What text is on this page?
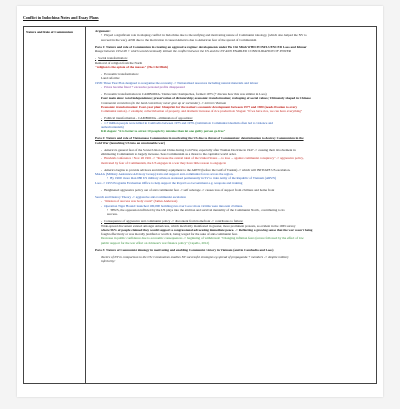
Conflict in Indochina Notes and Essay Plans
Nature and Role of Communism	Argument:
• Played a significant role in shaping conflict in Indochina due to the unifying and motivating nature of Communist ideology, (which also helped the NV to
succeed in the war), AND due to the motivation it caused America due to American fear of the spread of Communism
Para 1: Nature and role of Communism in creating an aggressive regime: developments under Ho Chi Minh WHICH INFLUENCED Laos and Khmer
Rouge between 1954-90 > which would eventually initiate the conflict between the US and the NV AND ENABLED CONSOLIDATION OF POWER
- Social transformation:
Removal of religion from the North
"religion is the opiate of the masses" (Ho Chi Minh)
- Economic transformation:
Land reforms:
1958: Three Year Plan designed to reorganise the economy -> Nationalised resources including natural materials and labour
- Prices became fixed + excessive personal profits disappeared
- Economic transformation in CAMBODIA / Democratic Kampuchea, formed 1975 (+ discuss how this was similar in Laos)
Four main aims: total independence; preservation of dictatorship; economic transformation; reshaping of social values; Ultimately shaped in Chinese
Communist conviction (in the hard conviction; never give up or surrender) -> mirrors Vietnam
Economic transformation: Four-year plan: blueprint for the nation's economic development between 1977 and 1980 (needs fixation to every
Communist nation) -> example; collectivisation of property, and dramatic increase of rice production: Slogan: "If we have rice, we can have everything"
- Political transformation - CAMBODIA - elimination of opposition:
- 1.7 million people were killed in Cambodia between 1975 and 1979. (Limitation: Communist idealism often led to violence and
authoritarianism)
KR slogan: "it is better to arrest 10 people by mistake than let one guilty person go free"
Para 2: Nature and role of Vietnamese Communism in motivating the US due to threat of Communism: determination to destroy Communism in the
Cold War (launching US into an unwinnable war)
- America's general fear of the Soviet Union and China during Cold War, especially after Truman Doctrine in 1947 -> causing their involvement in
eliminating Communism to largely increase. Sees Communism as a threat to the capitalist world order.
- Hawkish conference / Nov. 26 1961 -> "Increase the central ideal of the United States ... to lose ... against communist conspiracy" -> aggressive policy,
motivated by fear of Communism, the US engages in a war they have little reason to engage in
- America begins to provide advisors and military equipment to the ARVN (before the Gulf of Tonkin) -> which will INITIATE US escalation.
MAAG (Military Assistance Advisory Group) train and support anti-communist forces across the region.
• By 1960: more than 680 US military advisors stationed permanently in SV to train Army of the Republic of Vietnam (ARVN)
Laos -> 1955 Programs Evaluation Office to help support the Royal Lao Government e.g. weapons and training
- Heightened aggressive policy out of anti communist fear -> self sabotage -> causes loss of support from civilians and home front
Search and Destroy Theory -> aggressive anti-Communist escalation
- "mission of success was body count" (James Anderson)
- Operation Tiger Hound: launched 100,000 bombing run over Laos: more victims were innocent civilians.
• THUS, the oppression inflicted by the US plays into the attrition and survival mentality of the Communist North , contributing to its
success.
- Consequence of aggressive anti communist policy -> discontent from homefront -> contributes to failure:
Wide-spread discontent existed amongst Americans, which inevitably manifested in greater, more prominent protests, as evident in the 1965 survey
where 56% of people claimed they would support a congressional advocating immediate peace. -> Reflecting a growing sense that the war wasn't being
fought effectively or was morally justified or worth it, being waged for the sake of anti-communist fear.
Decrease in public confidence due to economic consequences -> beginning of withdrawal: "Changing inflation fears (revere followed by the effect of low
public support for the war effort on Johnson's war finance policy" (Capello, 2012)
Para 3: Nature of Communist ideology in motivating and enabling Communist victory in Vietnam (and in Cambodia and Laos)
Tactics of NV in comparison to the US: Communism enables NV successful strategies eg spread of propaganda + members -> despite military
inferiority:
